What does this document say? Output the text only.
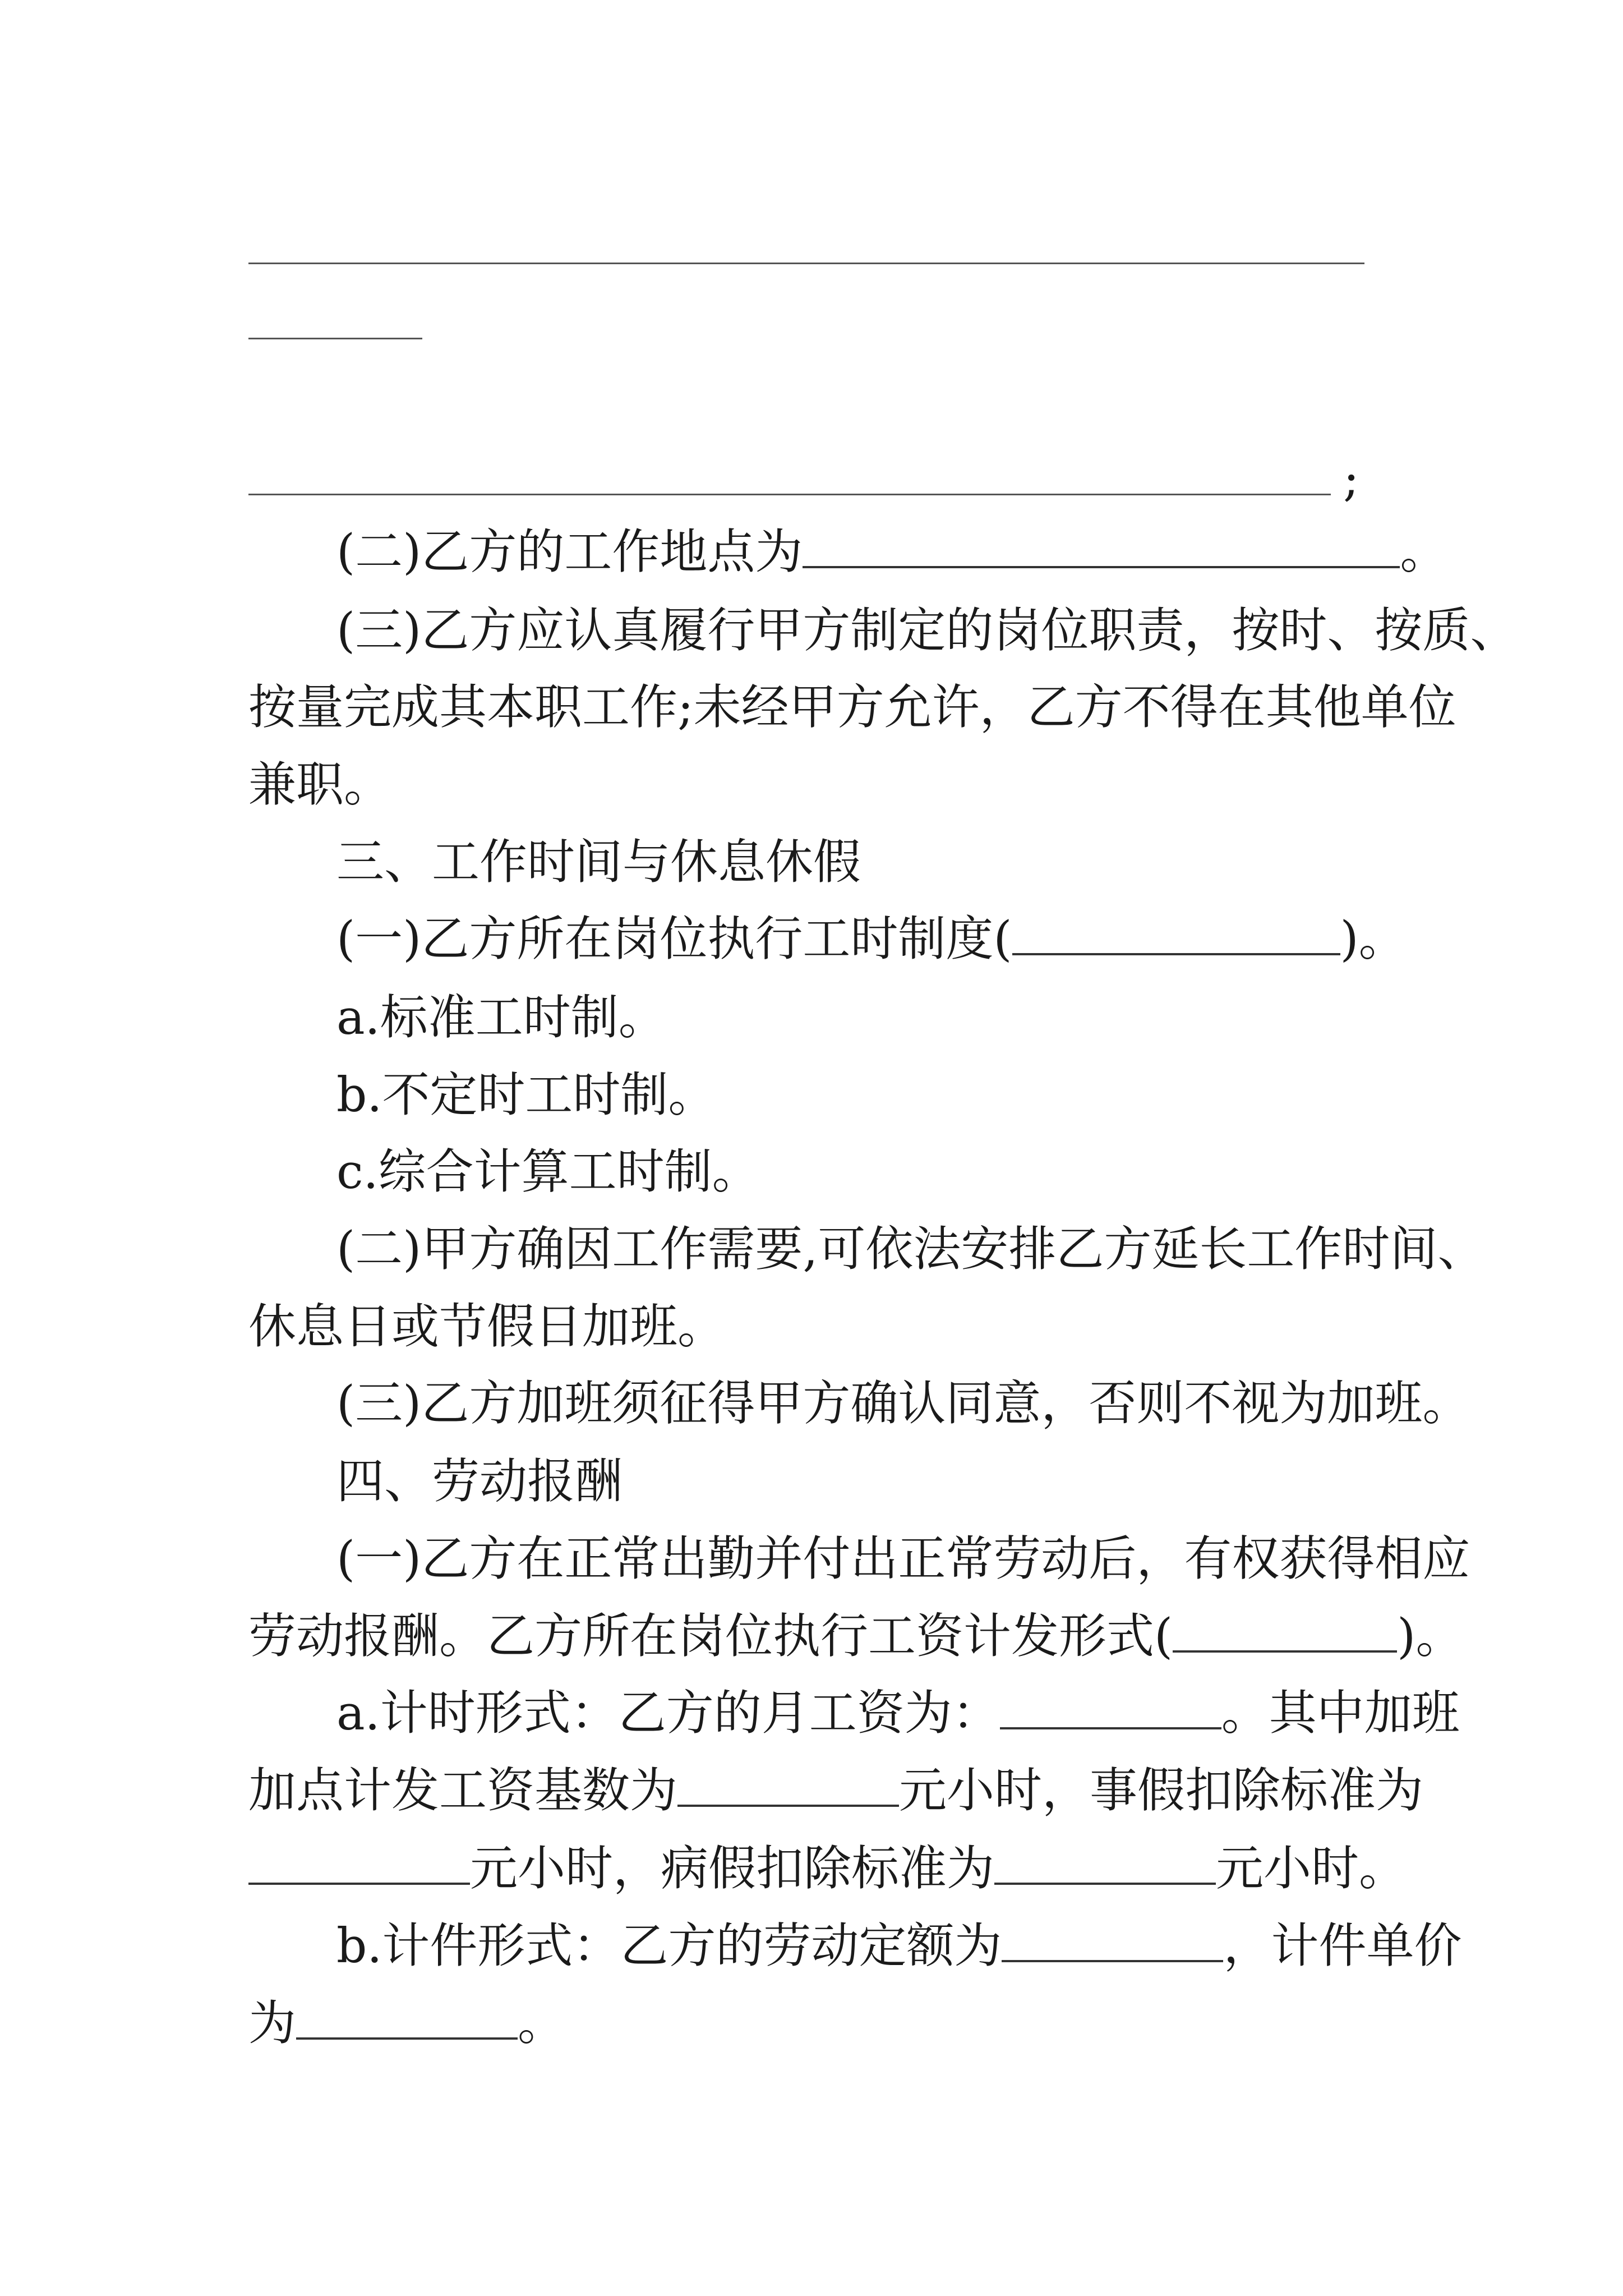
;
(二)乙方的工作地点为	。
(三)乙方应认真履行甲方制定的岗位职责，按时、按质、
按量完成其本职工作;未经甲方允许，乙方不得在其他单位
兼职。
三、工作时间与休息休假
(一)乙方所在岗位执行工时制度(	)。
a.标准工时制。
b.不定时工时制。
c.综合计算工时制。
(二)甲方确因工作需要,可依法安排乙方延长工作时间、
休息日或节假日加班。
(三)乙方加班须征得甲方确认同意，否则不视为加班。
四、劳动报酬
(一)乙方在正常出勤并付出正常劳动后，有权获得相应
劳动报酬。乙方所在岗位执行工资计发形式(	)。
a.计时形式：乙方的月工资为：	。其中加班
加点计发工资基数为	元小时，事假扣除标准为
元小时，病假扣除标准为	元小时。
b.计件形式：乙方的劳动定额为	，计件单价
为	。
